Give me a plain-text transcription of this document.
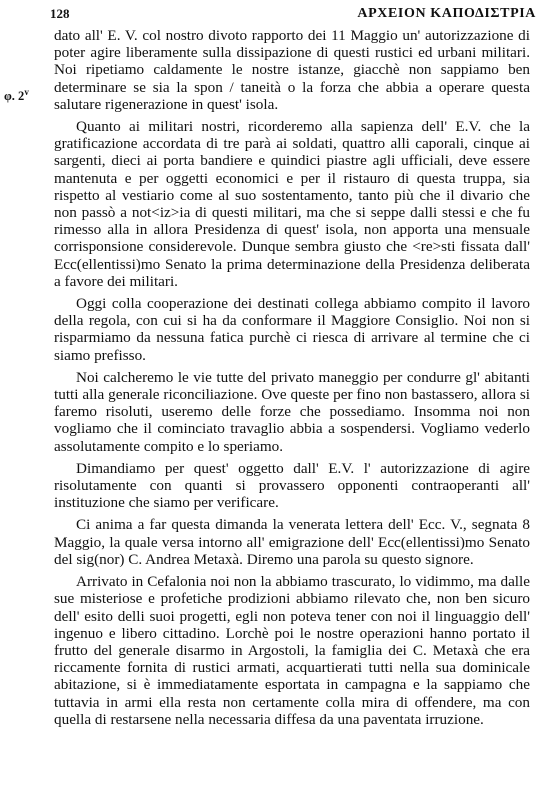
128	ΑΡΧΕΙΟΝ ΚΑΠΟΔΙΣΤΡΙΑ
φ. 2$^v$

dato all' E. V. col nostro divoto rapporto dei 11 Maggio un' autorizzazione di poter agire liberamente sulla dissipazione di questi rustici ed urbani militari. Noi ripetiamo caldamente le nostre istanze, giacchè non sappiamo ben determinare se sia la spon / taneità o la forza che abbia a operare questa salutare rigenerazione in quest' isola.

Quanto ai militari nostri, ricorderemo alla sapienza dell' E.V. che la gratificazione accordata di tre parà ai soldati, quattro alli caporali, cinque ai sargenti, dieci ai porta bandiere e quindici piastre agli ufficiali, deve essere mantenuta e per oggetti economici e per il ristauro di questa truppa, sia rispetto al vestiario come al suo sostentamento, tanto più che il divario che non passò a not<iz>ia di questi militari, ma che si seppe dalli stessi e che fu rimesso alla in allora Presidenza di quest' isola, non apporta una mensuale corrisponsione considerevole. Dunque sembra giusto che <re>sti fissata dall' Ecc(ellentissi)mo Senato la prima determinazione della Presidenza deliberata a favore dei militari.

Oggi colla cooperazione dei destinati collega abbiamo compito il lavoro della regola, con cui si ha da conformare il Maggiore Consiglio. Noi non si risparmiamo da nessuna fatica purchè ci riesca di arrivare al termine che ci siamo prefisso.

Noi calcheremo le vie tutte del privato maneggio per condurre gl' abitanti tutti alla generale riconciliazione. Ove queste per fino non bastassero, allora si faremo risoluti, useremo delle forze che possediamo. Insomma noi non vogliamo che il cominciato travaglio abbia a sospendersi. Vogliamo vederlo assolutamente compito e lo speriamo.

Dimandiamo per quest' oggetto dall' E.V. l' autorizzazione di agire risolutamente con quanti si provassero opponenti contraoperanti all' instituzione che siamo per verificare.

Ci anima a far questa dimanda la venerata lettera dell' Ecc. V., segnata 8 Maggio, la quale versa intorno all' emigrazione dell' Ecc(ellentissi)mo Senato del sig(nor) C. Andrea Metaxà. Diremo una parola su questo signore.

Arrivato in Cefalonia noi non la abbiamo trascurato, lo vidimmo, ma dalle sue misteriose e profetiche prodizioni abbiamo rilevato che, non ben sicuro dell' esito delli suoi progetti, egli non poteva tener con noi il linguaggio dell' ingenuo e libero cittadino. Lorchè poi le nostre operazioni hanno portato il frutto del generale disarmo in Argostoli, la famiglia dei C. Metaxà che era riccamente fornita di rustici armati, acquartierati tutti nella sua dominicale abitazione, si è immediatamente esportata in campagna e la sappiamo che tuttavia in armi ella resta non certamente colla mira di offendere, ma con quella di restarsene nella necessaria diffesa da una paventata irruzione.
